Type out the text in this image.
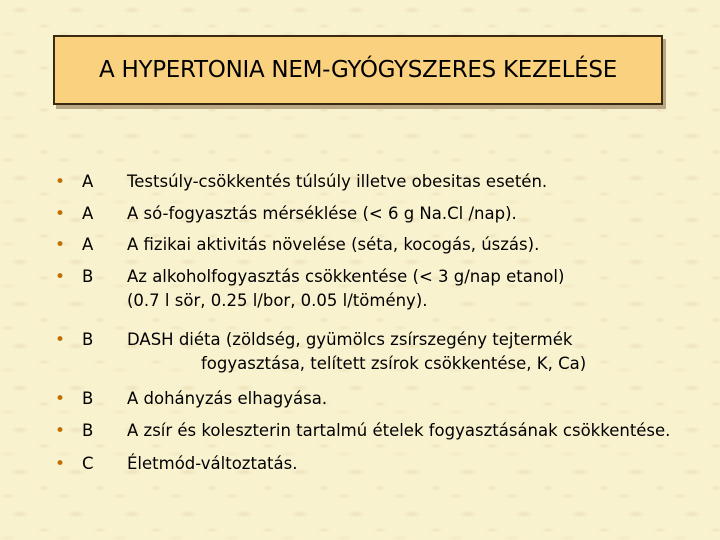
A HYPERTONIA NEM-GYÓGYSZERES KEZELÉSE
• A Testsúly-csökkentés túlsúly illetve obesitas esetén.
• A A só-fogyasztás mérséklése (< 6 g Na.Cl /nap).
• A A fizikai aktivitás növelése (séta, kocogás, úszás).
• B Az alkoholfogyasztás csökkentése (< 3 g/nap etanol)
(0.7 l sör, 0.25 l/bor, 0.05 l/tömény).
• B DASH diéta (zöldség, gyümölcs zsírszegény tejtermék
fogyasztása, telített zsírok csökkentése, K, Ca)
• B A dohányzás elhagyása.
• B A zsír és koleszterin tartalmú ételek fogyasztásának csökkentése.
• C Életmód-változtatás.
